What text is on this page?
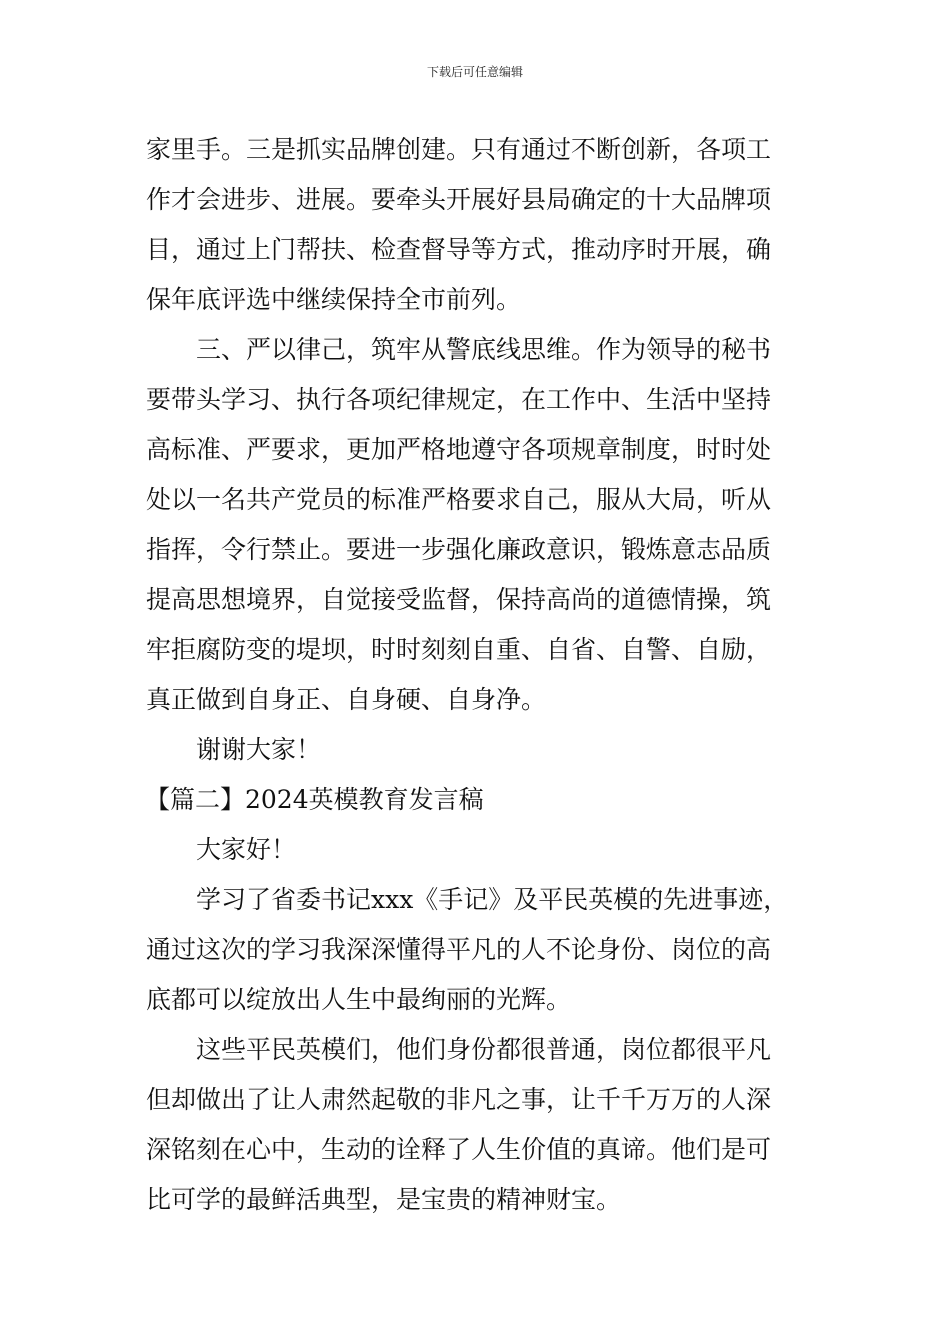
下载后可任意编辑
家里手。三是抓实品牌创建。只有通过不断创新，各项工
作才会进步、进展。要牵头开展好县局确定的十大品牌项
目，通过上门帮扶、检查督导等方式，推动序时开展，确
保年底评选中继续保持全市前列。
三、严以律己，筑牢从警底线思维。作为领导的秘书
要带头学习、执行各项纪律规定，在工作中、生活中坚持
高标准、严要求，更加严格地遵守各项规章制度，时时处
处以一名共产党员的标准严格要求自己，服从大局，听从
指挥，令行禁止。要进一步强化廉政意识，锻炼意志品质
提高思想境界，自觉接受监督，保持高尚的道德情操，筑
牢拒腐防变的堤坝，时时刻刻自重、自省、自警、自励，
真正做到自身正、自身硬、自身净。
谢谢大家！
【篇二】2024英模教育发言稿
大家好！
学习了省委书记xxx《手记》及平民英模的先进事迹，
通过这次的学习我深深懂得平凡的人不论身份、岗位的高
底都可以绽放出人生中最绚丽的光辉。
这些平民英模们，他们身份都很普通，岗位都很平凡
但却做出了让人肃然起敬的非凡之事，让千千万万的人深
深铭刻在心中，生动的诠释了人生价值的真谛。他们是可
比可学的最鲜活典型，是宝贵的精神财宝。
